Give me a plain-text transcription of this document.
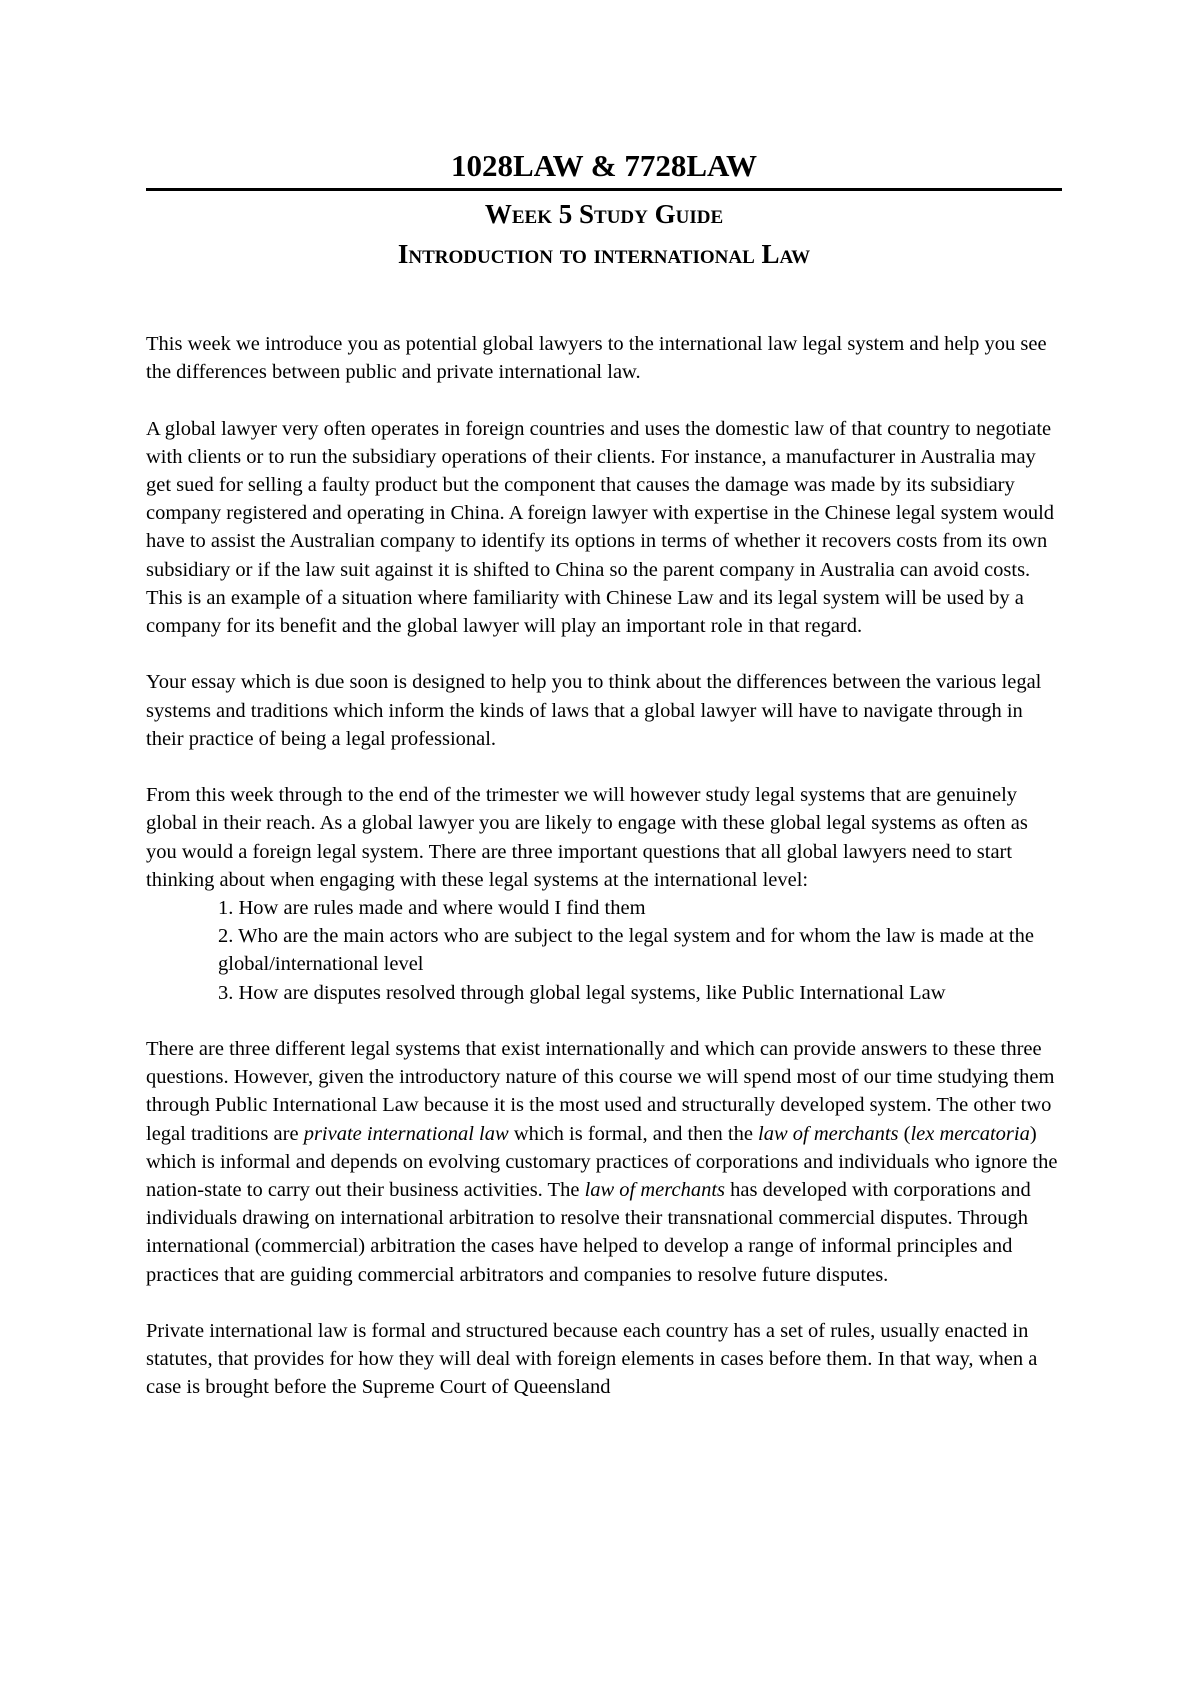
1028LAW & 7728LAW
Week 5 Study Guide
Introduction to international Law

This week we introduce you as potential global lawyers to the international law legal system and help you see the differences between public and private international law.

A global lawyer very often operates in foreign countries and uses the domestic law of that country to negotiate with clients or to run the subsidiary operations of their clients. For instance, a manufacturer in Australia may get sued for selling a faulty product but the component that causes the damage was made by its subsidiary company registered and operating in China. A foreign lawyer with expertise in the Chinese legal system would have to assist the Australian company to identify its options in terms of whether it recovers costs from its own subsidiary or if the law suit against it is shifted to China so the parent company in Australia can avoid costs. This is an example of a situation where familiarity with Chinese Law and its legal system will be used by a company for its benefit and the global lawyer will play an important role in that regard.

Your essay which is due soon is designed to help you to think about the differences between the various legal systems and traditions which inform the kinds of laws that a global lawyer will have to navigate through in their practice of being a legal professional.

From this week through to the end of the trimester we will however study legal systems that are genuinely global in their reach. As a global lawyer you are likely to engage with these global legal systems as often as you would a foreign legal system. There are three important questions that all global lawyers need to start thinking about when engaging with these legal systems at the international level:

1. How are rules made and where would I find them
2. Who are the main actors who are subject to the legal system and for whom the law is made at the global/international level
3. How are disputes resolved through global legal systems, like Public International Law

There are three different legal systems that exist internationally and which can provide answers to these three questions. However, given the introductory nature of this course we will spend most of our time studying them through Public International Law because it is the most used and structurally developed system. The other two legal traditions are private international law which is formal, and then the law of merchants (lex mercatoria) which is informal and depends on evolving customary practices of corporations and individuals who ignore the nation-state to carry out their business activities. The law of merchants has developed with corporations and individuals drawing on international arbitration to resolve their transnational commercial disputes. Through international (commercial) arbitration the cases have helped to develop a range of informal principles and practices that are guiding commercial arbitrators and companies to resolve future disputes.

Private international law is formal and structured because each country has a set of rules, usually enacted in statutes, that provides for how they will deal with foreign elements in cases before them. In that way, when a case is brought before the Supreme Court of Queensland
